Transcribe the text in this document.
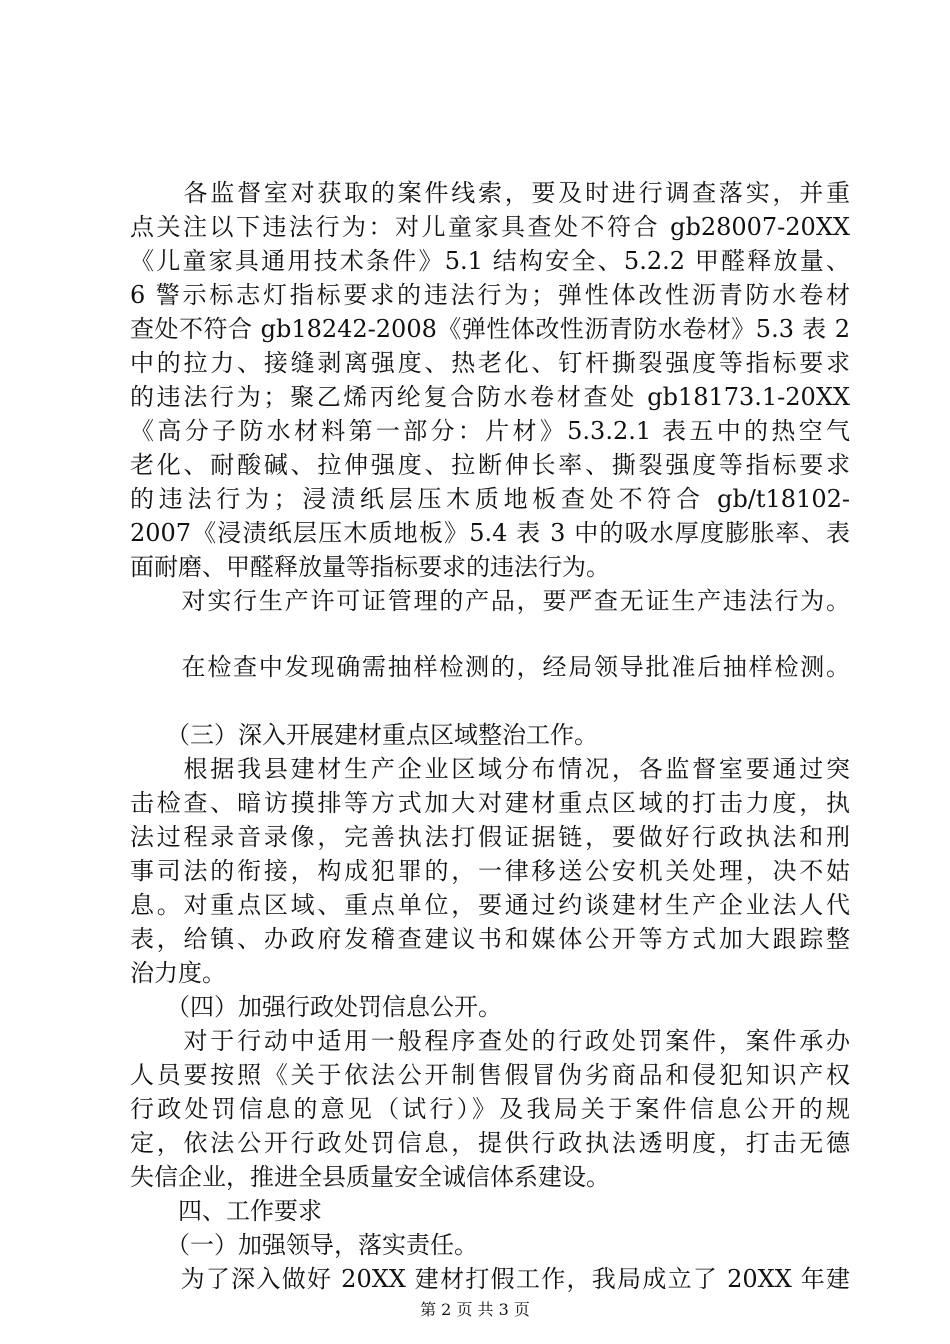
　　各监督室对获取的案件线索，要及时进行调查落实，并重
点关注以下违法行为：对儿童家具查处不符合 gb28007-20XX
《儿童家具通用技术条件》5.1 结构安全、5.2.2 甲醛释放量、
6 警示标志灯指标要求的违法行为；弹性体改性沥青防水卷材
查处不符合 gb18242-2008《弹性体改性沥青防水卷材》5.3 表 2
中的拉力、接缝剥离强度、热老化、钉杆撕裂强度等指标要求
的违法行为；聚乙烯丙纶复合防水卷材查处 gb18173.1-20XX
《高分子防水材料第一部分：片材》5.3.2.1 表五中的热空气
老化、耐酸碱、拉伸强度、拉断伸长率、撕裂强度等指标要求
的违法行为；浸渍纸层压木质地板查处不符合 gb/t18102-
2007《浸渍纸层压木质地板》5.4 表 3 中的吸水厚度膨胀率、表
面耐磨、甲醛释放量等指标要求的违法行为。
　　对实行生产许可证管理的产品，要严查无证生产违法行为。
　　在检查中发现确需抽样检测的，经局领导批准后抽样检测。
　　（三）深入开展建材重点区域整治工作。
　　根据我县建材生产企业区域分布情况，各监督室要通过突
击检查、暗访摸排等方式加大对建材重点区域的打击力度，执
法过程录音录像，完善执法打假证据链，要做好行政执法和刑
事司法的衔接，构成犯罪的，一律移送公安机关处理，决不姑
息。对重点区域、重点单位，要通过约谈建材生产企业法人代
表，给镇、办政府发稽查建议书和媒体公开等方式加大跟踪整
治力度。
　　（四）加强行政处罚信息公开。
　　对于行动中适用一般程序查处的行政处罚案件，案件承办
人员要按照《关于依法公开制售假冒伪劣商品和侵犯知识产权
行政处罚信息的意见（试行）》及我局关于案件信息公开的规
定，依法公开行政处罚信息，提供行政执法透明度，打击无德
失信企业，推进全县质量安全诚信体系建设。
　　四、工作要求
　　（一）加强领导，落实责任。
　　为了深入做好 20XX 建材打假工作，我局成立了 20XX 年建
第 2 页 共 3 页
